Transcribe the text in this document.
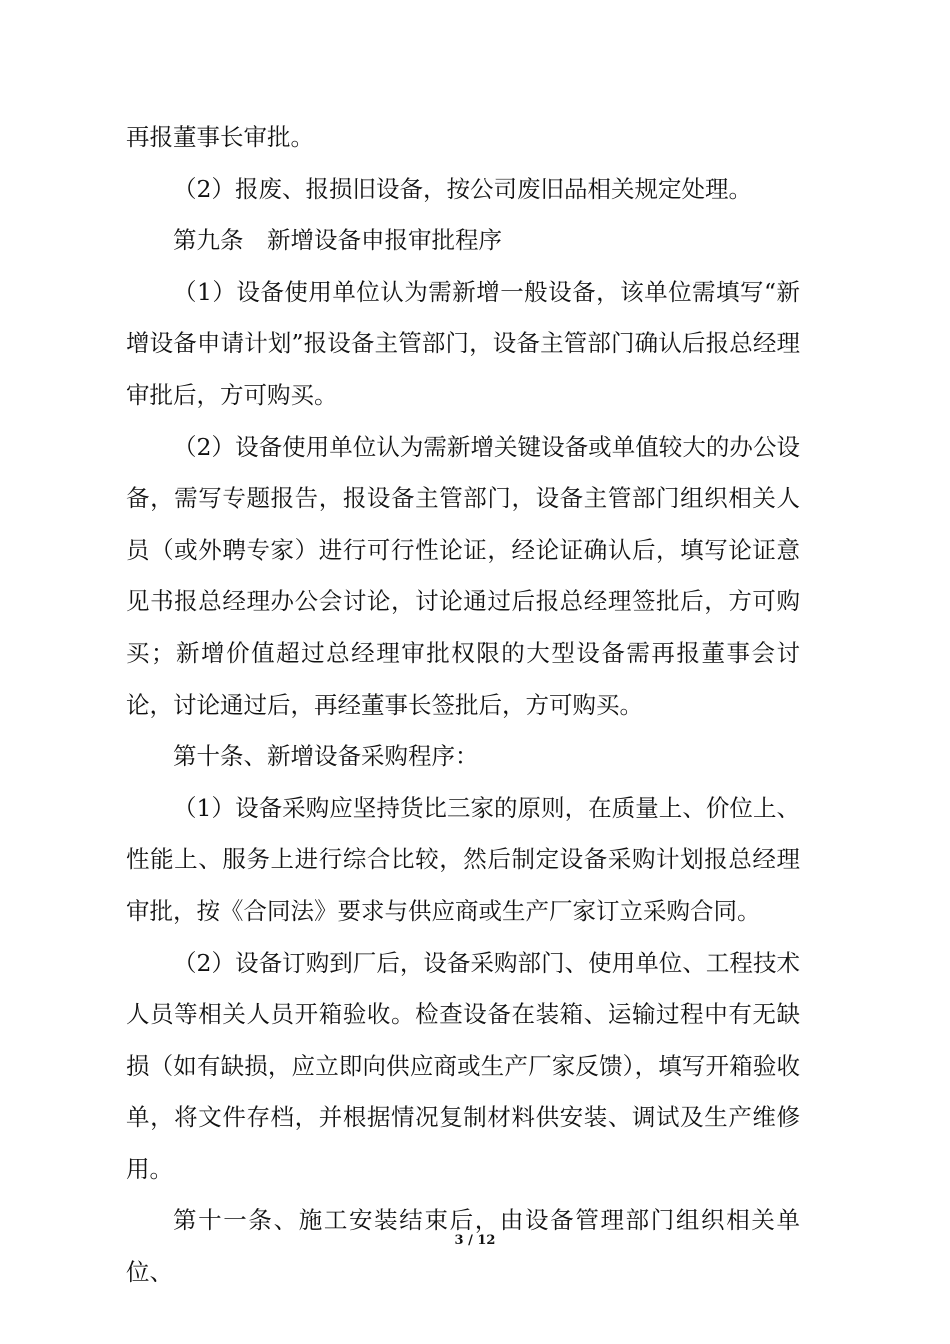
再报董事长审批。

（2）报废、报损旧设备，按公司废旧品相关规定处理。

第九条　新增设备申报审批程序

（1）设备使用单位认为需新增一般设备，该单位需填写“新增设备申请计划”报设备主管部门，设备主管部门确认后报总经理审批后，方可购买。

（2）设备使用单位认为需新增关键设备或单值较大的办公设备，需写专题报告，报设备主管部门，设备主管部门组织相关人员（或外聘专家）进行可行性论证，经论证确认后，填写论证意见书报总经理办公会讨论，讨论通过后报总经理签批后，方可购买；新增价值超过总经理审批权限的大型设备需再报董事会讨论，讨论通过后，再经董事长签批后，方可购买。

第十条、新增设备采购程序：

（1）设备采购应坚持货比三家的原则，在质量上、价位上、性能上、服务上进行综合比较，然后制定设备采购计划报总经理审批，按《合同法》要求与供应商或生产厂家订立采购合同。

（2）设备订购到厂后，设备采购部门、使用单位、工程技术人员等相关人员开箱验收。检查设备在装箱、运输过程中有无缺损（如有缺损，应立即向供应商或生产厂家反馈），填写开箱验收单，将文件存档，并根据情况复制材料供安装、调试及生产维修用。

第十一条、施工安装结束后，由设备管理部门组织相关单位、

3 / 12
